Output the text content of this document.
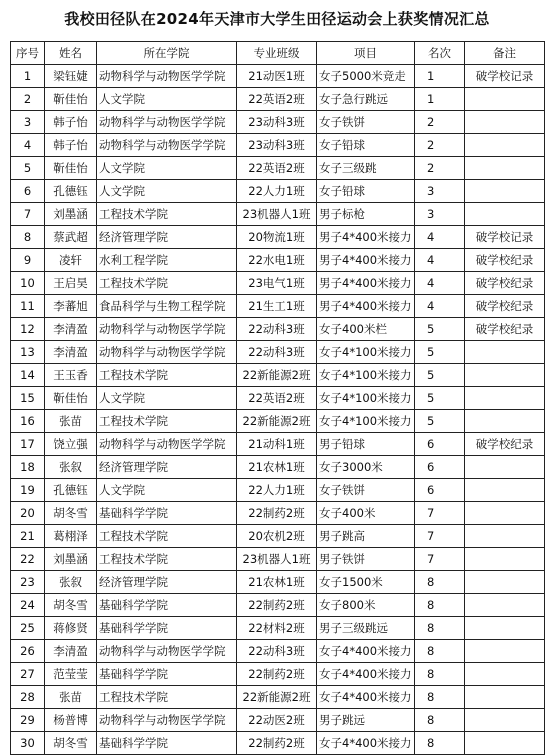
我校田径队在2024年天津市大学生田径运动会上获奖情况汇总
序号	姓名	所在学院	专业班级	项目	名次	备注
1	梁钰婕	动物科学与动物医学学院	21动医1班	女子5000米竞走	1	破学校记录
2	靳佳怡	人文学院	22英语2班	女子急行跳远	1	
3	韩子怡	动物科学与动物医学学院	23动科3班	女子铁饼	2	
4	韩子怡	动物科学与动物医学学院	23动科3班	女子铅球	2	
5	靳佳怡	人文学院	22英语2班	女子三级跳	2	
6	孔德钰	人文学院	22人力1班	女子铅球	3	
7	刘墨涵	工程技术学院	23机器人1班	男子标枪	3	
8	蔡武超	经济管理学院	20物流1班	男子4*400米接力	4	破学校记录
9	凌轩	水利工程学院	22水电1班	男子4*400米接力	4	破学校纪录
10	王启昊	工程技术学院	23电气1班	男子4*400米接力	4	破学校纪录
11	李蕃旭	食品科学与生物工程学院	21生工1班	男子4*400米接力	4	破学校纪录
12	李清盈	动物科学与动物医学学院	22动科3班	女子400米栏	5	破学校纪录
13	李清盈	动物科学与动物医学学院	22动科3班	女子4*100米接力	5	
14	王玉香	工程技术学院	22新能源2班	女子4*100米接力	5	
15	靳佳怡	人文学院	22英语2班	女子4*100米接力	5	
16	张苗	工程技术学院	22新能源2班	女子4*100米接力	5	
17	饶立强	动物科学与动物医学学院	21动科1班	男子铅球	6	破学校纪录
18	张叙	经济管理学院	21农林1班	女子3000米	6	
19	孔德钰	人文学院	22人力1班	女子铁饼	6	
20	胡冬雪	基础科学学院	22制药2班	女子400米	7	
21	葛栩泽	工程技术学院	20农机2班	男子跳高	7	
22	刘墨涵	工程技术学院	23机器人1班	男子铁饼	7	
23	张叙	经济管理学院	21农林1班	女子1500米	8	
24	胡冬雪	基础科学学院	22制药2班	女子800米	8	
25	蒋修贤	基础科学学院	22材料2班	男子三级跳远	8	
26	李清盈	动物科学与动物医学学院	22动科3班	女子4*400米接力	8	
27	范莹莹	基础科学学院	22制药2班	女子4*400米接力	8	
28	张苗	工程技术学院	22新能源2班	女子4*400米接力	8	
29	杨普博	动物科学与动物医学学院	22动医2班	男子跳远	8	
30	胡冬雪	基础科学学院	22制药2班	女子4*400米接力	8	
